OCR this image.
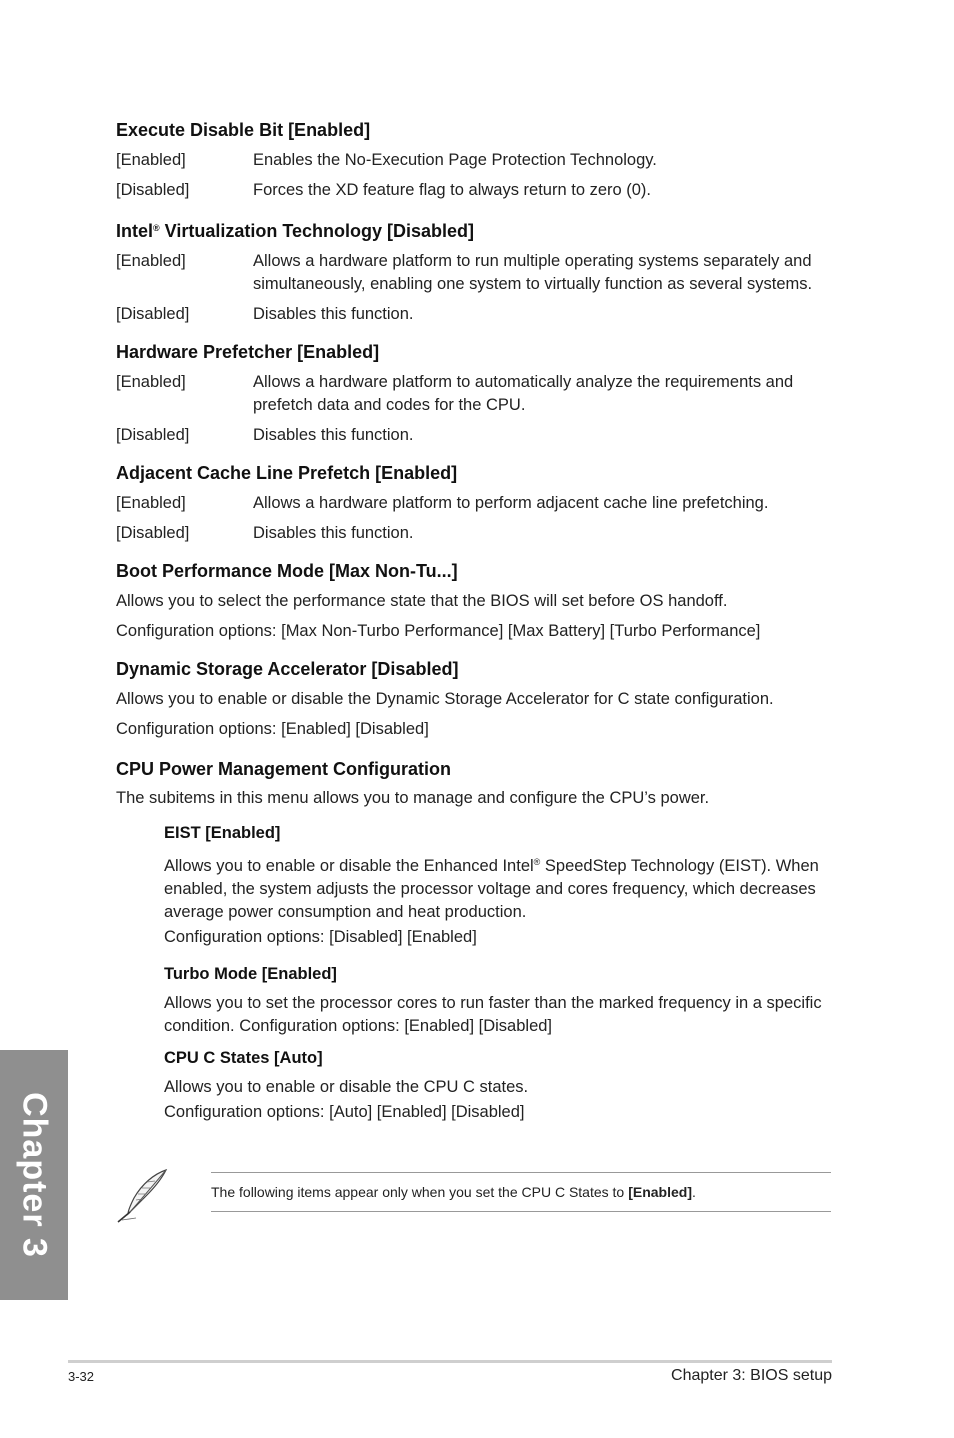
Chapter 3
Execute Disable Bit [Enabled]
[Enabled]	Enables the No-Execution Page Protection Technology.
[Disabled]	Forces the XD feature flag to always return to zero (0).
Intel® Virtualization Technology [Disabled]
[Enabled]	Allows a hardware platform to run multiple operating systems separately and simultaneously, enabling one system to virtually function as several systems.
[Disabled]	Disables this function.
Hardware Prefetcher [Enabled]
[Enabled]	Allows a hardware platform to automatically analyze the requirements and prefetch data and codes for the CPU.
[Disabled]	Disables this function.
Adjacent Cache Line Prefetch [Enabled]
[Enabled]	Allows a hardware platform to perform adjacent cache line prefetching.
[Disabled]	Disables this function.
Boot Performance Mode [Max Non-Tu...]
Allows you to select the performance state that the BIOS will set before OS handoff.
Configuration options: [Max Non-Turbo Performance] [Max Battery] [Turbo Performance]
Dynamic Storage Accelerator [Disabled]
Allows you to enable or disable the Dynamic Storage Accelerator for C state configuration.
Configuration options: [Enabled] [Disabled]
CPU Power Management Configuration
The subitems in this menu allows you to manage and configure the CPU’s power.
EIST [Enabled]
Allows you to enable or disable the Enhanced Intel® SpeedStep Technology (EIST). When enabled, the system adjusts the processor voltage and cores frequency, which decreases average power consumption and heat production.
Configuration options: [Disabled] [Enabled]
Turbo Mode [Enabled]
Allows you to set the processor cores to run faster than the marked frequency in a specific condition. Configuration options: [Enabled] [Disabled]
CPU C States [Auto]
Allows you to enable or disable the CPU C states.
Configuration options: [Auto] [Enabled] [Disabled]
The following items appear only when you set the CPU C States to [Enabled] .
3-32	Chapter 3: BIOS setup
